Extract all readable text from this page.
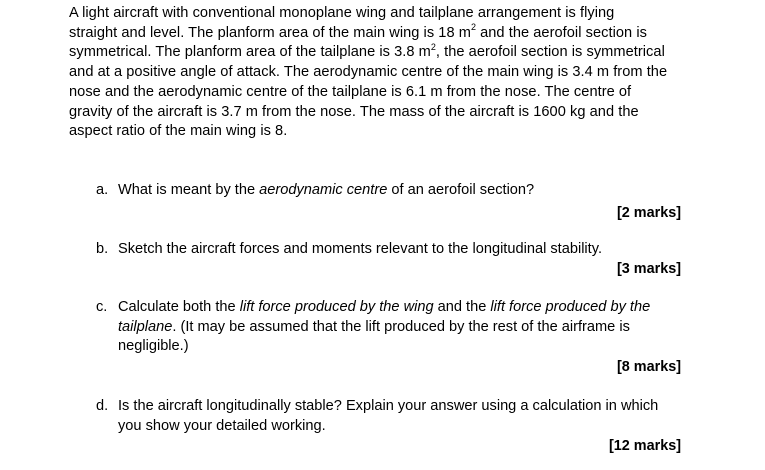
A light aircraft with conventional monoplane wing and tailplane arrangement is flying
straight and level. The planform area of the main wing is 18 $m^2$ and the aerofoil section is
symmetrical. The planform area of the tailplane is 3.8 $m^2$, the aerofoil section is symmetrical
and at a positive angle of attack. The aerodynamic centre of the main wing is 3.4 m from the
nose and the aerodynamic centre of the tailplane is 6.1 m from the nose. The centre of
gravity of the aircraft is 3.7 m from the nose. The mass of the aircraft is 1600 kg and the
aspect ratio of the main wing is 8.

a. What is meant by the aerodynamic centre of an aerofoil section?
[2 marks]
b. Sketch the aircraft forces and moments relevant to the longitudinal stability.
[3 marks]
c. Calculate both the lift force produced by the wing and the lift force produced by the
tailplane. (It may be assumed that the lift produced by the rest of the airframe is
negligible.)
[8 marks]
d. Is the aircraft longitudinally stable? Explain your answer using a calculation in which
you show your detailed working.
[12 marks]
